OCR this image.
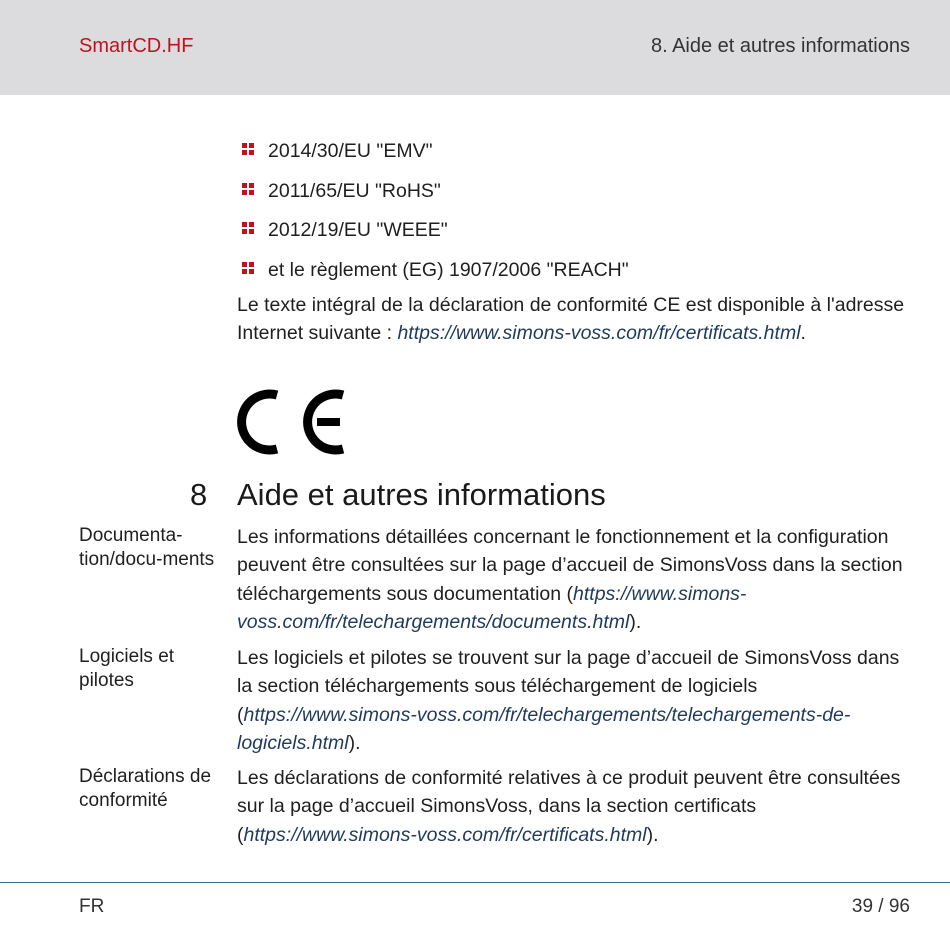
SmartCD.HF	8. Aide et autres informations
2014/30/EU "EMV"
2011/65/EU "RoHS"
2012/19/EU "WEEE"
et le règlement (EG) 1907/2006 "REACH"

Le texte intégral de la déclaration de conformité CE est disponible à l'adresse Internet suivante : https://www.simons-voss.com/fr/certificats.html.

8 Aide et autres informations
Documenta-tion/docu-ments

Les informations détaillées concernant le fonctionnement et la configuration peuvent être consultées sur la page d’accueil de SimonsVoss dans la section téléchargements sous documentation (https://www.simons-voss.com/fr/telechargements/documents.html).

Logiciels et pilotes

Les logiciels et pilotes se trouvent sur la page d’accueil de SimonsVoss dans la section téléchargements sous téléchargement de logiciels (https://www.simons-voss.com/fr/telechargements/telechargements-de-logiciels.html).

Déclarations de conformité

Les déclarations de conformité relatives à ce produit peuvent être consultées sur la page d’accueil SimonsVoss, dans la section certificats (https://www.simons-voss.com/fr/certificats.html).

FR	39 / 96
